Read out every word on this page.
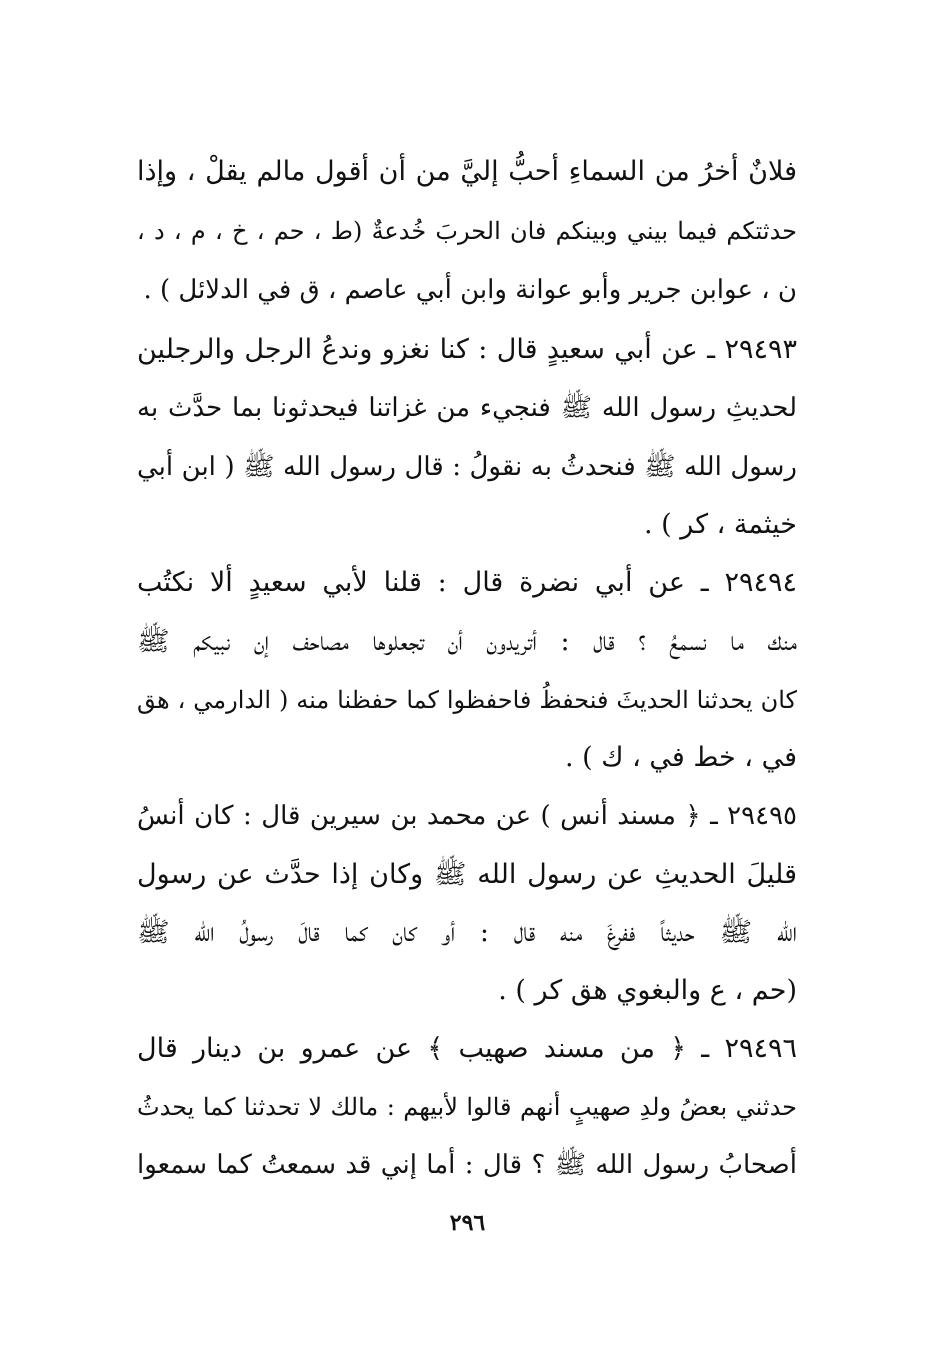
فلانٌ أخرُ من السماءِ أحبُّ إليَّ من أن أقول مالم يقلْ ، وإذا
حدثتكم فيما بيني وبينكم فان الحربَ خُدعةٌ (ط ، حم ، خ ، م ، د ،
ن ، عوابن جرير وأبو عوانة وابن أبي عاصم ، ق في الدلائل ) .
٢٩٤٩٣ ـ عن أبي سعيدٍ قال : كنا نغزو وندعُ الرجل والرجلين
لحديثِ رسول الله ﷺ فنجيء من غزاتنا فيحدثونا بما حدَّث به
رسول الله ﷺ فنحدثُ به نقولُ : قال رسول الله ﷺ ( ابن أبي
خيثمة ، كر ) .
٢٩٤٩٤ ـ عن أبي نضرة قال : قلنا لأبي سعيدٍ ألا نكتُب
منك ما نسمعُ ؟ قال : أتريدون أن تجعلوها مصاحف إن نبيكم ﷺ
كان يحدثنا الحديثَ فنحفظُ فاحفظوا كما حفظنا منه ( الدارمي ، هق
في ، خط في ، ك ) .
٢٩٤٩٥ ـ ﴿ مسند أنس ) عن محمد بن سيرين قال : كان أنسُ
قليلَ الحديثِ عن رسول الله ﷺ وكان إذا حدَّث عن رسول
الله ﷺ حديثاً ففرغَ منه قال : أو كان كما قالَ رسولُ الله ﷺ
(حم ، ع والبغوي هق كر ) .
٢٩٤٩٦ ـ ﴿ من مسند صهيب ﴾ عن عمرو بن دينار قال
حدثني بعضُ ولدِ صهيبٍ أنهم قالوا لأبيهم : مالك لا تحدثنا كما يحدثُ
أصحابُ رسول الله ﷺ ؟ قال : أما إني قد سمعتُ كما سمعوا
٢٩٦
